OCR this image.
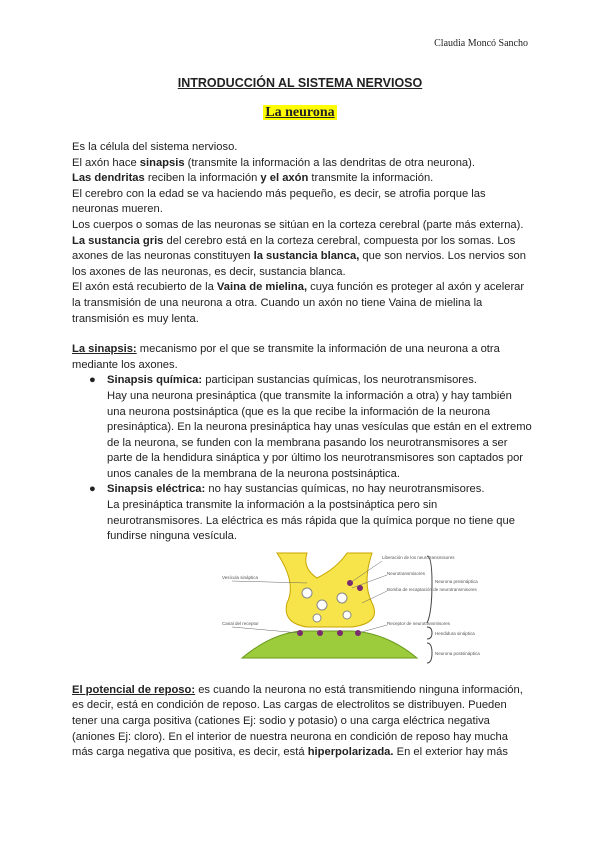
Claudia Moncó Sancho
INTRODUCCIÓN AL SISTEMA NERVIOSO
La neurona

Es la célula del sistema nervioso.

El axón hace sinapsis (transmite la información a las dendritas de otra neurona).

Las dendritas reciben la información y el axón transmite la información.

El cerebro con la edad se va haciendo más pequeño, es decir, se atrofia porque las neuronas mueren.

Los cuerpos o somas de las neuronas se sitúan en la corteza cerebral (parte más externa).

La sustancia gris del cerebro está en la corteza cerebral, compuesta por los somas. Los axones de las neuronas constituyen la sustancia blanca, que son nervios. Los nervios son los axones de las neuronas, es decir, sustancia blanca.

El axón está recubierto de la Vaina de mielina, cuya función es proteger al axón y acelerar la transmisión de una neurona a otra. Cuando un axón no tiene Vaina de mielina la transmisión es muy lenta.

La sinapsis: mecanismo por el que se transmite la información de una neurona a otra mediante los axones.

● Sinapsis química: participan sustancias químicas, los neurotransmisores.

Hay una neurona presináptica (que transmite la información a otra) y hay también una neurona postsináptica (que es la que recibe la información de la neurona presináptica). En la neurona presináptica hay unas vesículas que están en el extremo de la neurona, se funden con la membrana pasando los neurotransmisores a ser parte de la hendidura sináptica y por último los neurotransmisores son captados por unos canales de la membrana de la neurona postsináptica.

● Sinapsis eléctrica: no hay sustancias químicas, no hay neurotransmisores.

La presináptica transmite la información a la postsináptica pero sin neurotransmisores. La eléctrica es más rápida que la química porque no tiene que fundirse ninguna vesícula.

Liberación de los neurotransmisores
Vesícula sináptica
Neurotransmisores
Bomba de recaptación de neurotransmisores
Canal del receptor	Receptor de neurotransmisores
Neurona presináptica
Hendidura sináptica
Neurona postsináptica

El potencial de reposo: es cuando la neurona no está transmitiendo ninguna información, es decir, está en condición de reposo. Las cargas de electrolitos se distribuyen. Pueden tener una carga positiva (cationes Ej: sodio y potasio) o una carga eléctrica negativa (aniones Ej: cloro). En el interior de nuestra neurona en condición de reposo hay mucha más carga negativa que positiva, es decir, está hiperpolarizada. En el exterior hay más
